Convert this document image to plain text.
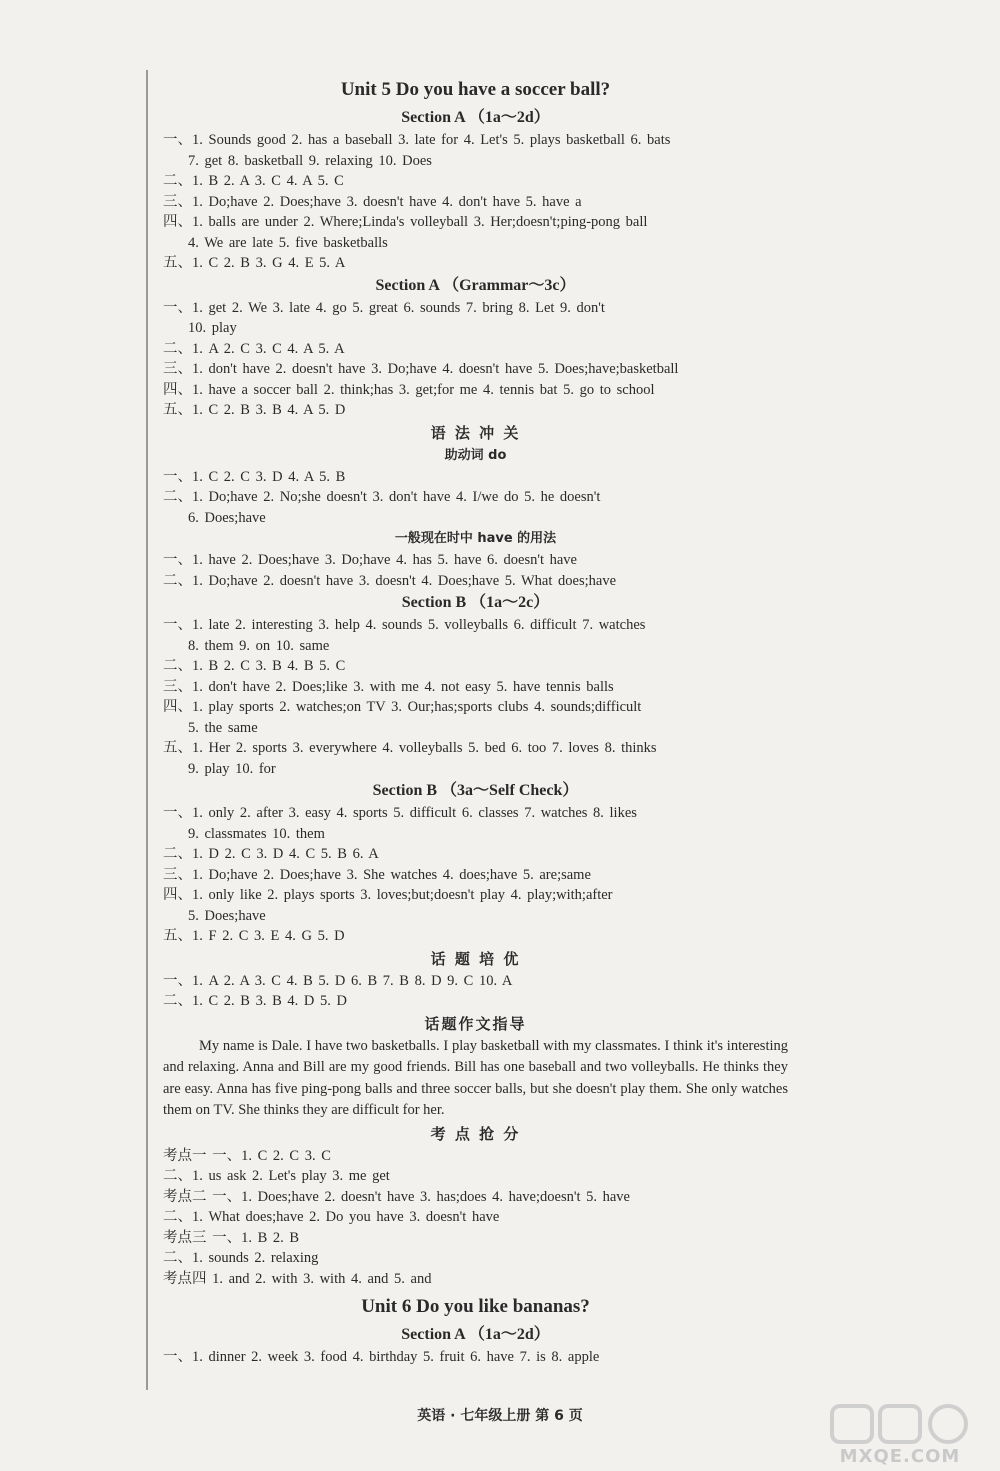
Unit 5 Do you have a soccer ball?
Section A （1a～2d）
一、1. Sounds good 2. has a baseball 3. late for 4. Let's 5. plays basketball 6. bats
7. get 8. basketball 9. relaxing 10. Does
二、1. B 2. A 3. C 4. A 5. C
三、1. Do;have 2. Does;have 3. doesn't have 4. don't have 5. have a
四、1. balls are under 2. Where;Linda's volleyball 3. Her;doesn't;ping-pong ball
4. We are late 5. five basketballs
五、1. C 2. B 3. G 4. E 5. A
Section A （Grammar～3c）
一、1. get 2. We 3. late 4. go 5. great 6. sounds 7. bring 8. Let 9. don't
10. play
二、1. A 2. C 3. C 4. A 5. A
三、1. don't have 2. doesn't have 3. Do;have 4. doesn't have 5. Does;have;basketball
四、1. have a soccer ball 2. think;has 3. get;for me 4. tennis bat 5. go to school
五、1. C 2. B 3. B 4. A 5. D
语 法 冲 关
助动词 do
一、1. C 2. C 3. D 4. A 5. B
二、1. Do;have 2. No;she doesn't 3. don't have 4. I/we do 5. he doesn't
6. Does;have
一般现在时中 have 的用法
一、1. have 2. Does;have 3. Do;have 4. has 5. have 6. doesn't have
二、1. Do;have 2. doesn't have 3. doesn't 4. Does;have 5. What does;have
Section B （1a～2c）
一、1. late 2. interesting 3. help 4. sounds 5. volleyballs 6. difficult 7. watches
8. them 9. on 10. same
二、1. B 2. C 3. B 4. B 5. C
三、1. don't have 2. Does;like 3. with me 4. not easy 5. have tennis balls
四、1. play sports 2. watches;on TV 3. Our;has;sports clubs 4. sounds;difficult
5. the same
五、1. Her 2. sports 3. everywhere 4. volleyballs 5. bed 6. too 7. loves 8. thinks
9. play 10. for
Section B （3a～Self Check）
一、1. only 2. after 3. easy 4. sports 5. difficult 6. classes 7. watches 8. likes
9. classmates 10. them
二、1. D 2. C 3. D 4. C 5. B 6. A
三、1. Do;have 2. Does;have 3. She watches 4. does;have 5. are;same
四、1. only like 2. plays sports 3. loves;but;doesn't play 4. play;with;after
5. Does;have
五、1. F 2. C 3. E 4. G 5. D
话 题 培 优
一、1. A 2. A 3. C 4. B 5. D 6. B 7. B 8. D 9. C 10. A
二、1. C 2. B 3. B 4. D 5. D
话题作文指导
My name is Dale. I have two basketballs. I play basketball with my classmates. I think it's interesting and relaxing. Anna and Bill are my good friends. Bill has one baseball and two volleyballs. He thinks they are easy. Anna has five ping-pong balls and three soccer balls, but she doesn't play them. She only watches them on TV. She thinks they are difficult for her.
考 点 抢 分
考点一 一、1. C 2. C 3. C
二、1. us ask 2. Let's play 3. me get
考点二 一、1. Does;have 2. doesn't have 3. has;does 4. have;doesn't 5. have
二、1. What does;have 2. Do you have 3. doesn't have
考点三 一、1. B 2. B
二、1. sounds 2. relaxing
考点四 1. and 2. with 3. with 4. and 5. and
Unit 6 Do you like bananas?
Section A （1a～2d）
一、1. dinner 2. week 3. food 4. birthday 5. fruit 6. have 7. is 8. apple
英语 · 七年级上册 第 6 页
MXQE.COM
